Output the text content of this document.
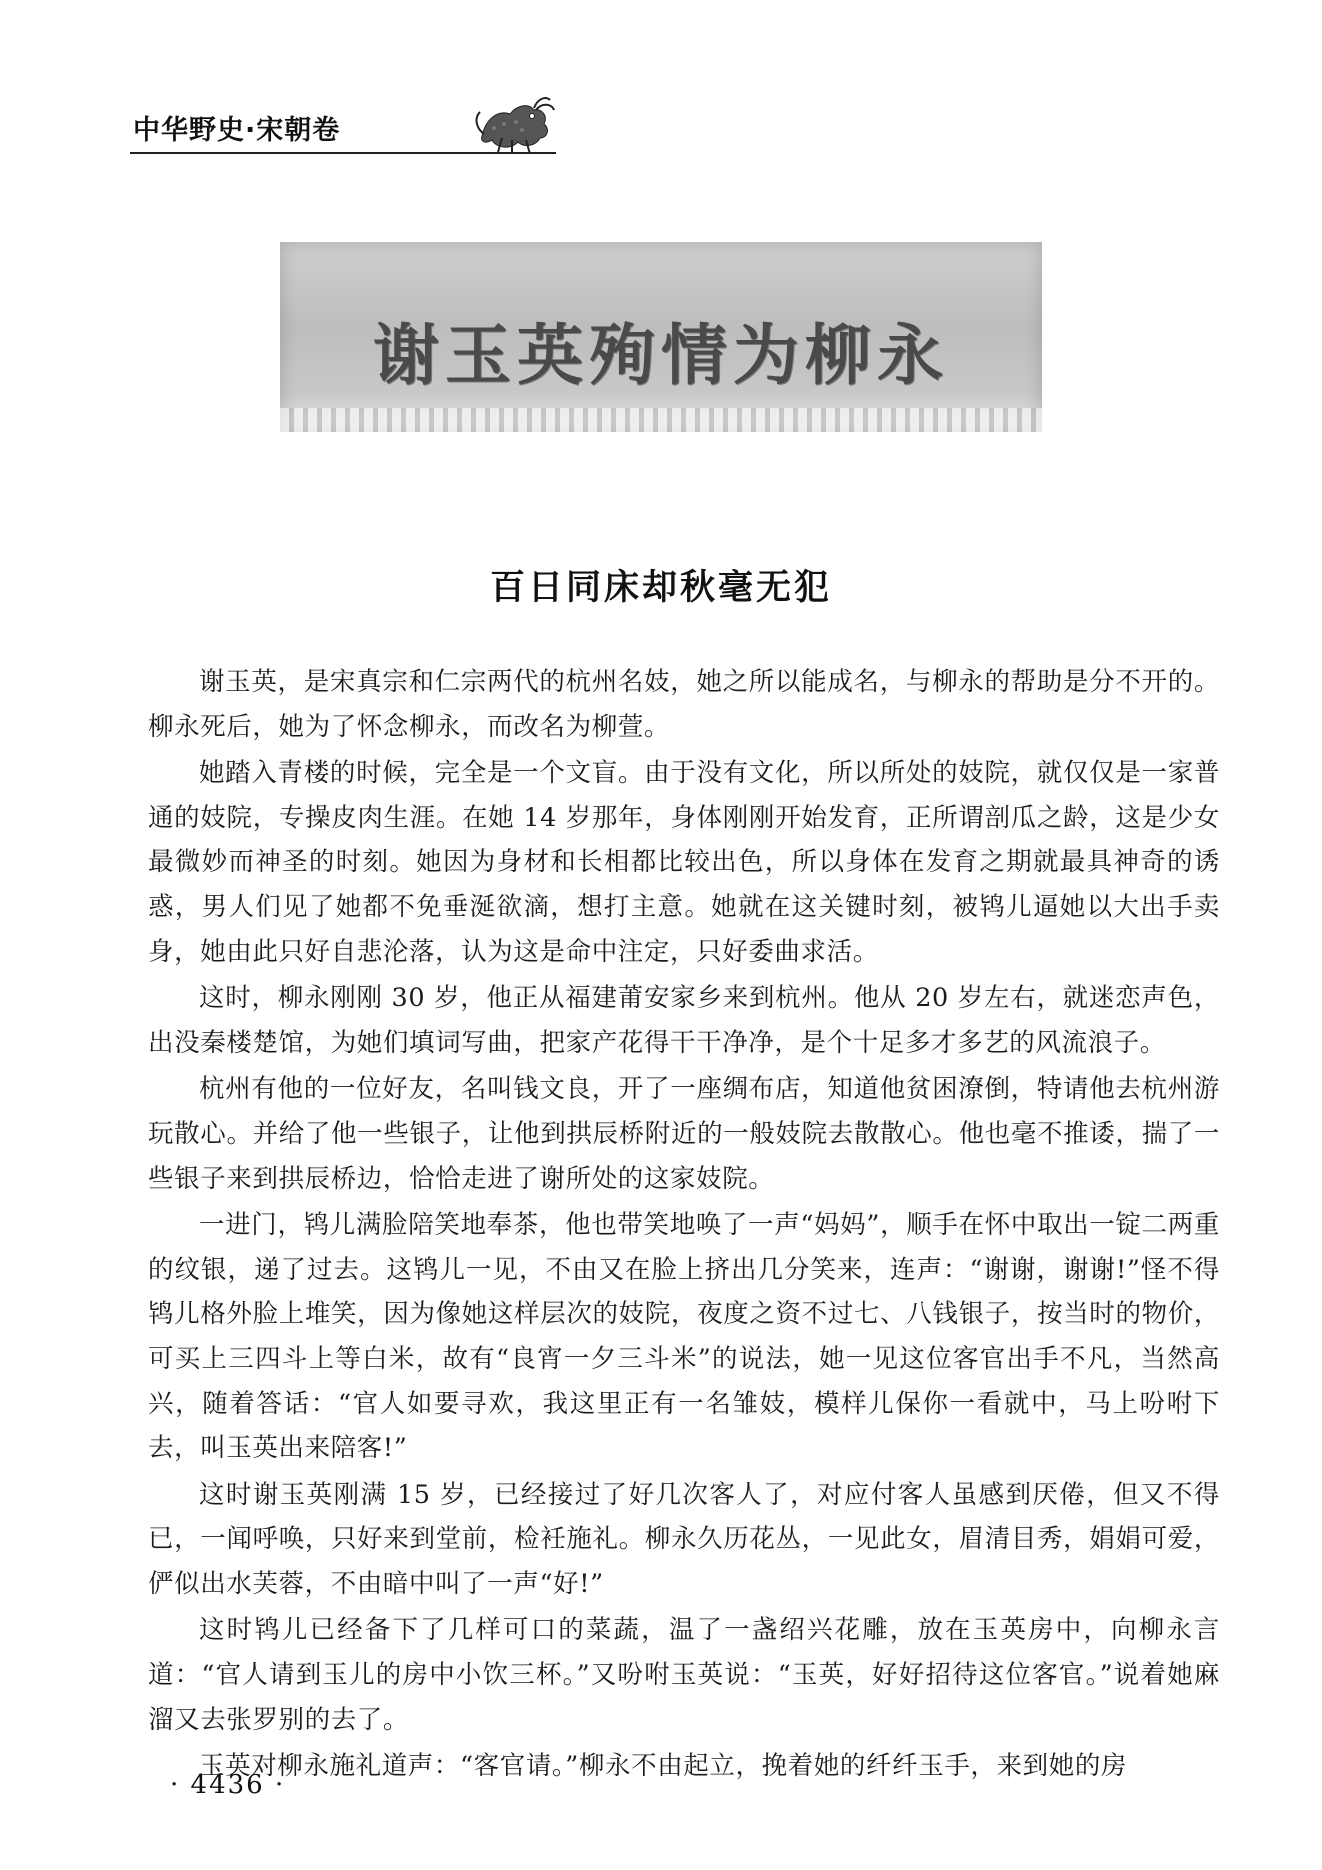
中华野史·宋朝卷
谢玉英殉情为柳永
百日同床却秋毫无犯

谢玉英，是宋真宗和仁宗两代的杭州名妓，她之所以能成名，与柳永的帮助是分不开的。柳永死后，她为了怀念柳永，而改名为柳萱。

她踏入青楼的时候，完全是一个文盲。由于没有文化，所以所处的妓院，就仅仅是一家普通的妓院，专操皮肉生涯。在她 14 岁那年，身体刚刚开始发育，正所谓剖瓜之龄，这是少女最微妙而神圣的时刻。她因为身材和长相都比较出色，所以身体在发育之期就最具神奇的诱惑，男人们见了她都不免垂涎欲滴，想打主意。她就在这关键时刻，被鸨儿逼她以大出手卖身，她由此只好自悲沦落，认为这是命中注定，只好委曲求活。

这时，柳永刚刚 30 岁，他正从福建莆安家乡来到杭州。他从 20 岁左右，就迷恋声色，出没秦楼楚馆，为她们填词写曲，把家产花得干干净净，是个十足多才多艺的风流浪子。

杭州有他的一位好友，名叫钱文良，开了一座绸布店，知道他贫困潦倒，特请他去杭州游玩散心。并给了他一些银子，让他到拱辰桥附近的一般妓院去散散心。他也毫不推诿，揣了一些银子来到拱辰桥边，恰恰走进了谢所处的这家妓院。

一进门，鸨儿满脸陪笑地奉茶，他也带笑地唤了一声“妈妈”，顺手在怀中取出一锭二两重的纹银，递了过去。这鸨儿一见，不由又在脸上挤出几分笑来，连声：“谢谢，谢谢!”怪不得鸨儿格外脸上堆笑，因为像她这样层次的妓院，夜度之资不过七、八钱银子，按当时的物价，可买上三四斗上等白米，故有“良宵一夕三斗米”的说法，她一见这位客官出手不凡，当然高兴，随着答话：“官人如要寻欢，我这里正有一名雏妓，模样儿保你一看就中，马上吩咐下去，叫玉英出来陪客!”

这时谢玉英刚满 15 岁，已经接过了好几次客人了，对应付客人虽感到厌倦，但又不得已，一闻呼唤，只好来到堂前，检衽施礼。柳永久历花丛，一见此女，眉清目秀，娟娟可爱，俨似出水芙蓉，不由暗中叫了一声“好!”

这时鸨儿已经备下了几样可口的菜蔬，温了一盏绍兴花雕，放在玉英房中，向柳永言道：“官人请到玉儿的房中小饮三杯。”又吩咐玉英说：“玉英，好好招待这位客官。”说着她麻溜又去张罗别的去了。

玉英对柳永施礼道声：“客官请。”柳永不由起立，挽着她的纤纤玉手，来到她的房

· 4436 ·
